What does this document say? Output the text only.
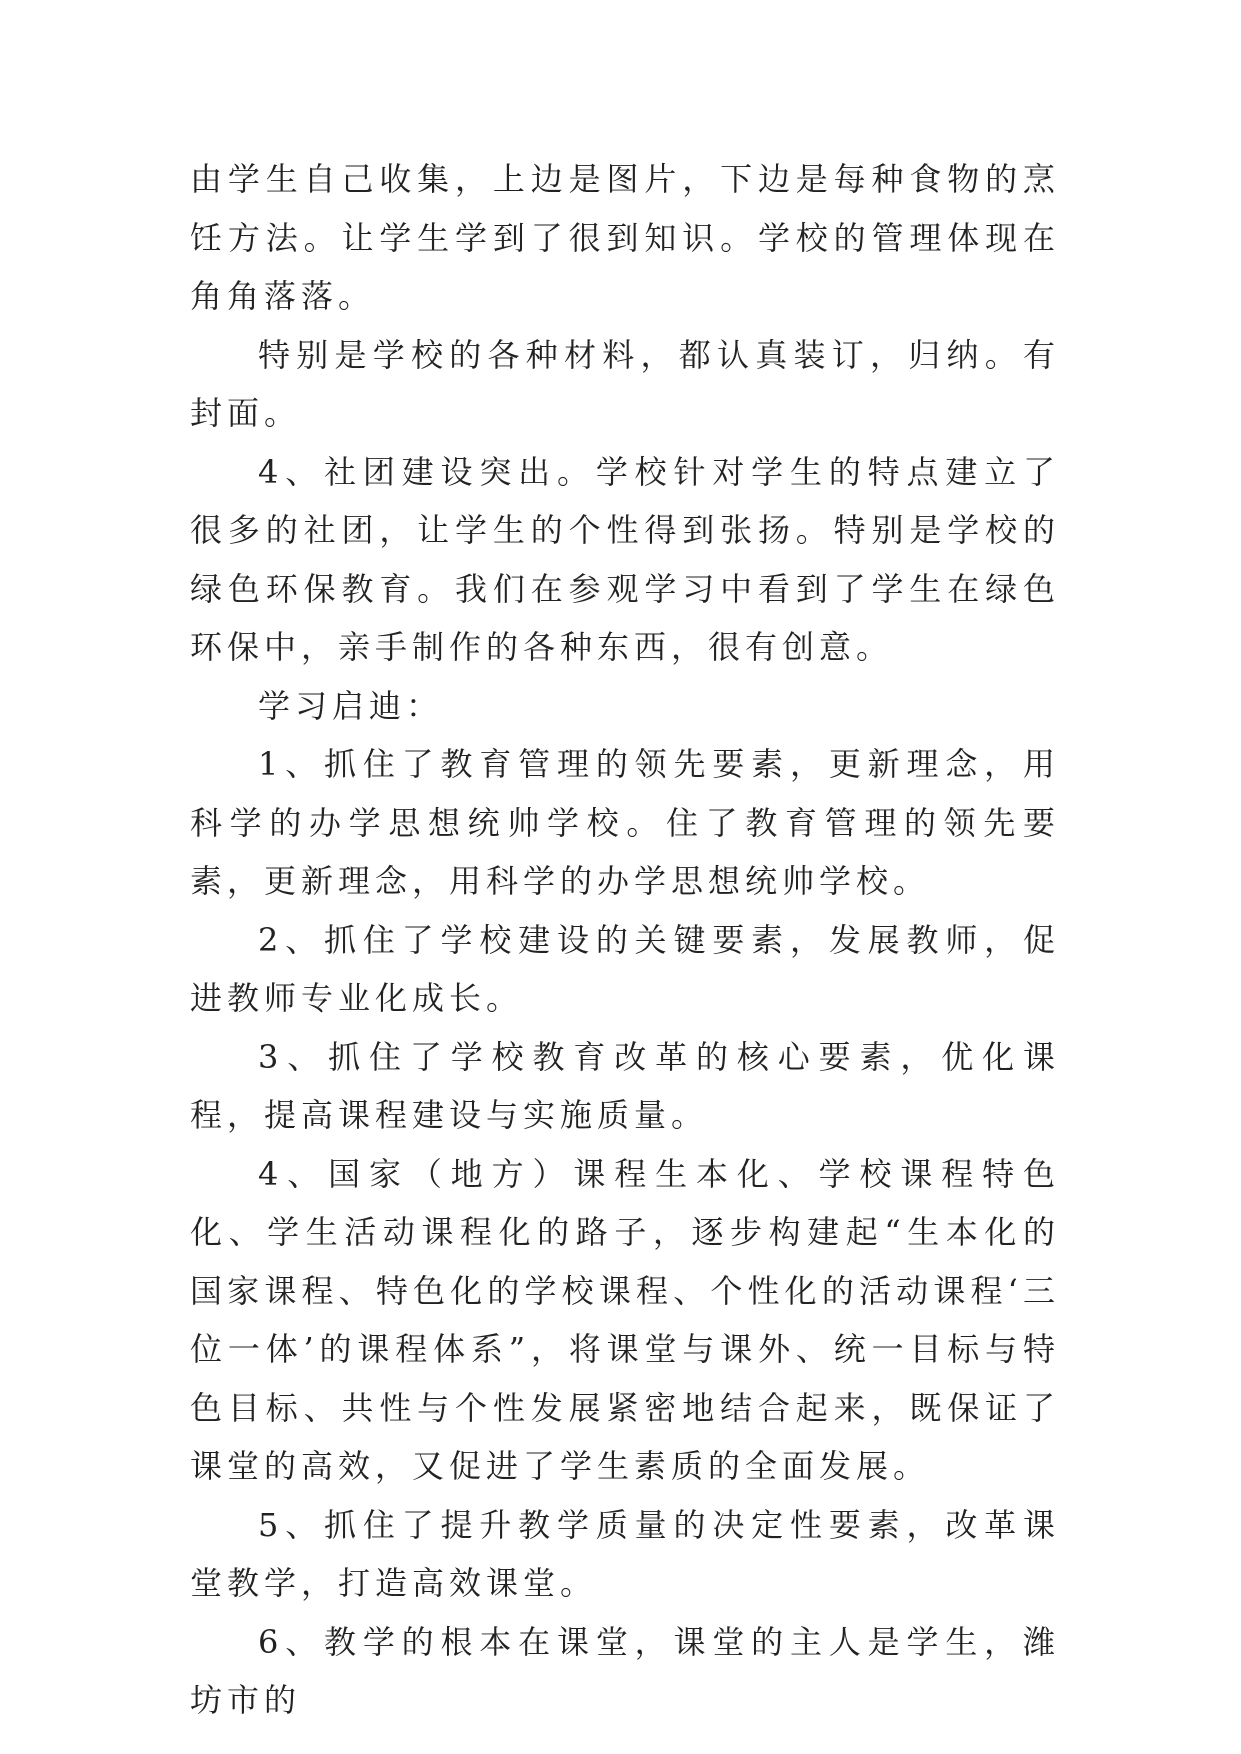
由学生自己收集，上边是图片，下边是每种食物的烹饪方法。让学生学到了很到知识。学校的管理体现在角角落落。

特别是学校的各种材料，都认真装订，归纳。有封面。

4、社团建设突出。学校针对学生的特点建立了很多的社团，让学生的个性得到张扬。特别是学校的绿色环保教育。我们在参观学习中看到了学生在绿色环保中，亲手制作的各种东西，很有创意。

学习启迪：

1、抓住了教育管理的领先要素，更新理念，用科学的办学思想统帅学校。住了教育管理的领先要素，更新理念，用科学的办学思想统帅学校。

2、抓住了学校建设的关键要素，发展教师，促进教师专业化成长。

3、抓住了学校教育改革的核心要素，优化课程，提高课程建设与实施质量。

4、国家（地方）课程生本化、学校课程特色化、学生活动课程化的路子，逐步构建起“生本化的国家课程、特色化的学校课程、个性化的活动课程‘三位一体’的课程体系”，将课堂与课外、统一目标与特色目标、共性与个性发展紧密地结合起来，既保证了课堂的高效，又促进了学生素质的全面发展。

5、抓住了提升教学质量的决定性要素，改革课堂教学，打造高效课堂。

6、教学的根本在课堂，课堂的主人是学生，潍坊市的
